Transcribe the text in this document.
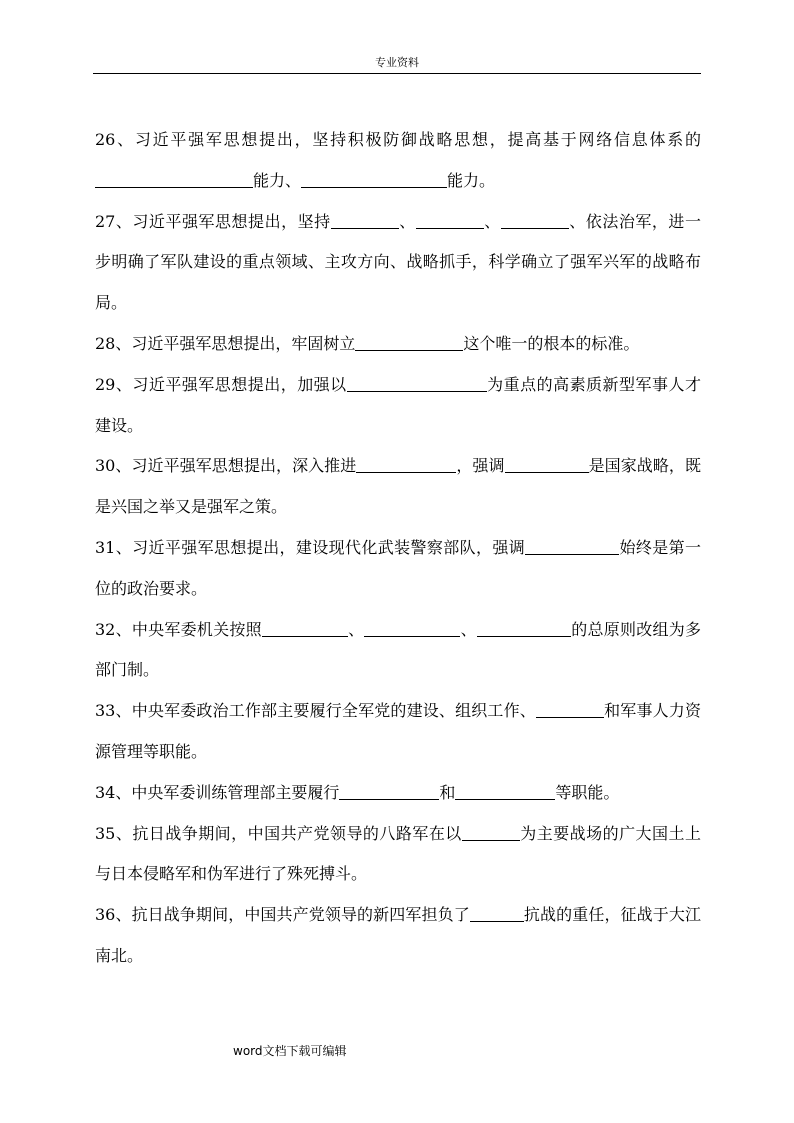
专业资料

26、习近平强军思想提出，坚持积极防御战略思想，提高基于网络信息体系的能力、	能力。

27、习近平强军思想提出，坚持	、	、	、依法治军，进一步明确了军队建设的重点领域、主攻方向、战略抓手，科学确立了强军兴军的战略布局。

28、习近平强军思想提出，牢固树立	这个唯一的根本的标准。

29、习近平强军思想提出，加强以	为重点的高素质新型军事人才建设。

30、习近平强军思想提出，深入推进	，强调	是国家战略，既是兴国之举又是强军之策。

31、习近平强军思想提出，建设现代化武装警察部队，强调	始终是第一位的政治要求。

32、中央军委机关按照	、	、	的总原则改组为多部门制。

33、中央军委政治工作部主要履行全军党的建设、组织工作、	和军事人力资源管理等职能。

34、中央军委训练管理部主要履行	和	等职能。

35、抗日战争期间，中国共产党领导的八路军在以	为主要战场的广大国土上与日本侵略军和伪军进行了殊死搏斗。

36、抗日战争期间，中国共产党领导的新四军担负了	抗战的重任，征战于大江南北。

word文档下载可编辑
